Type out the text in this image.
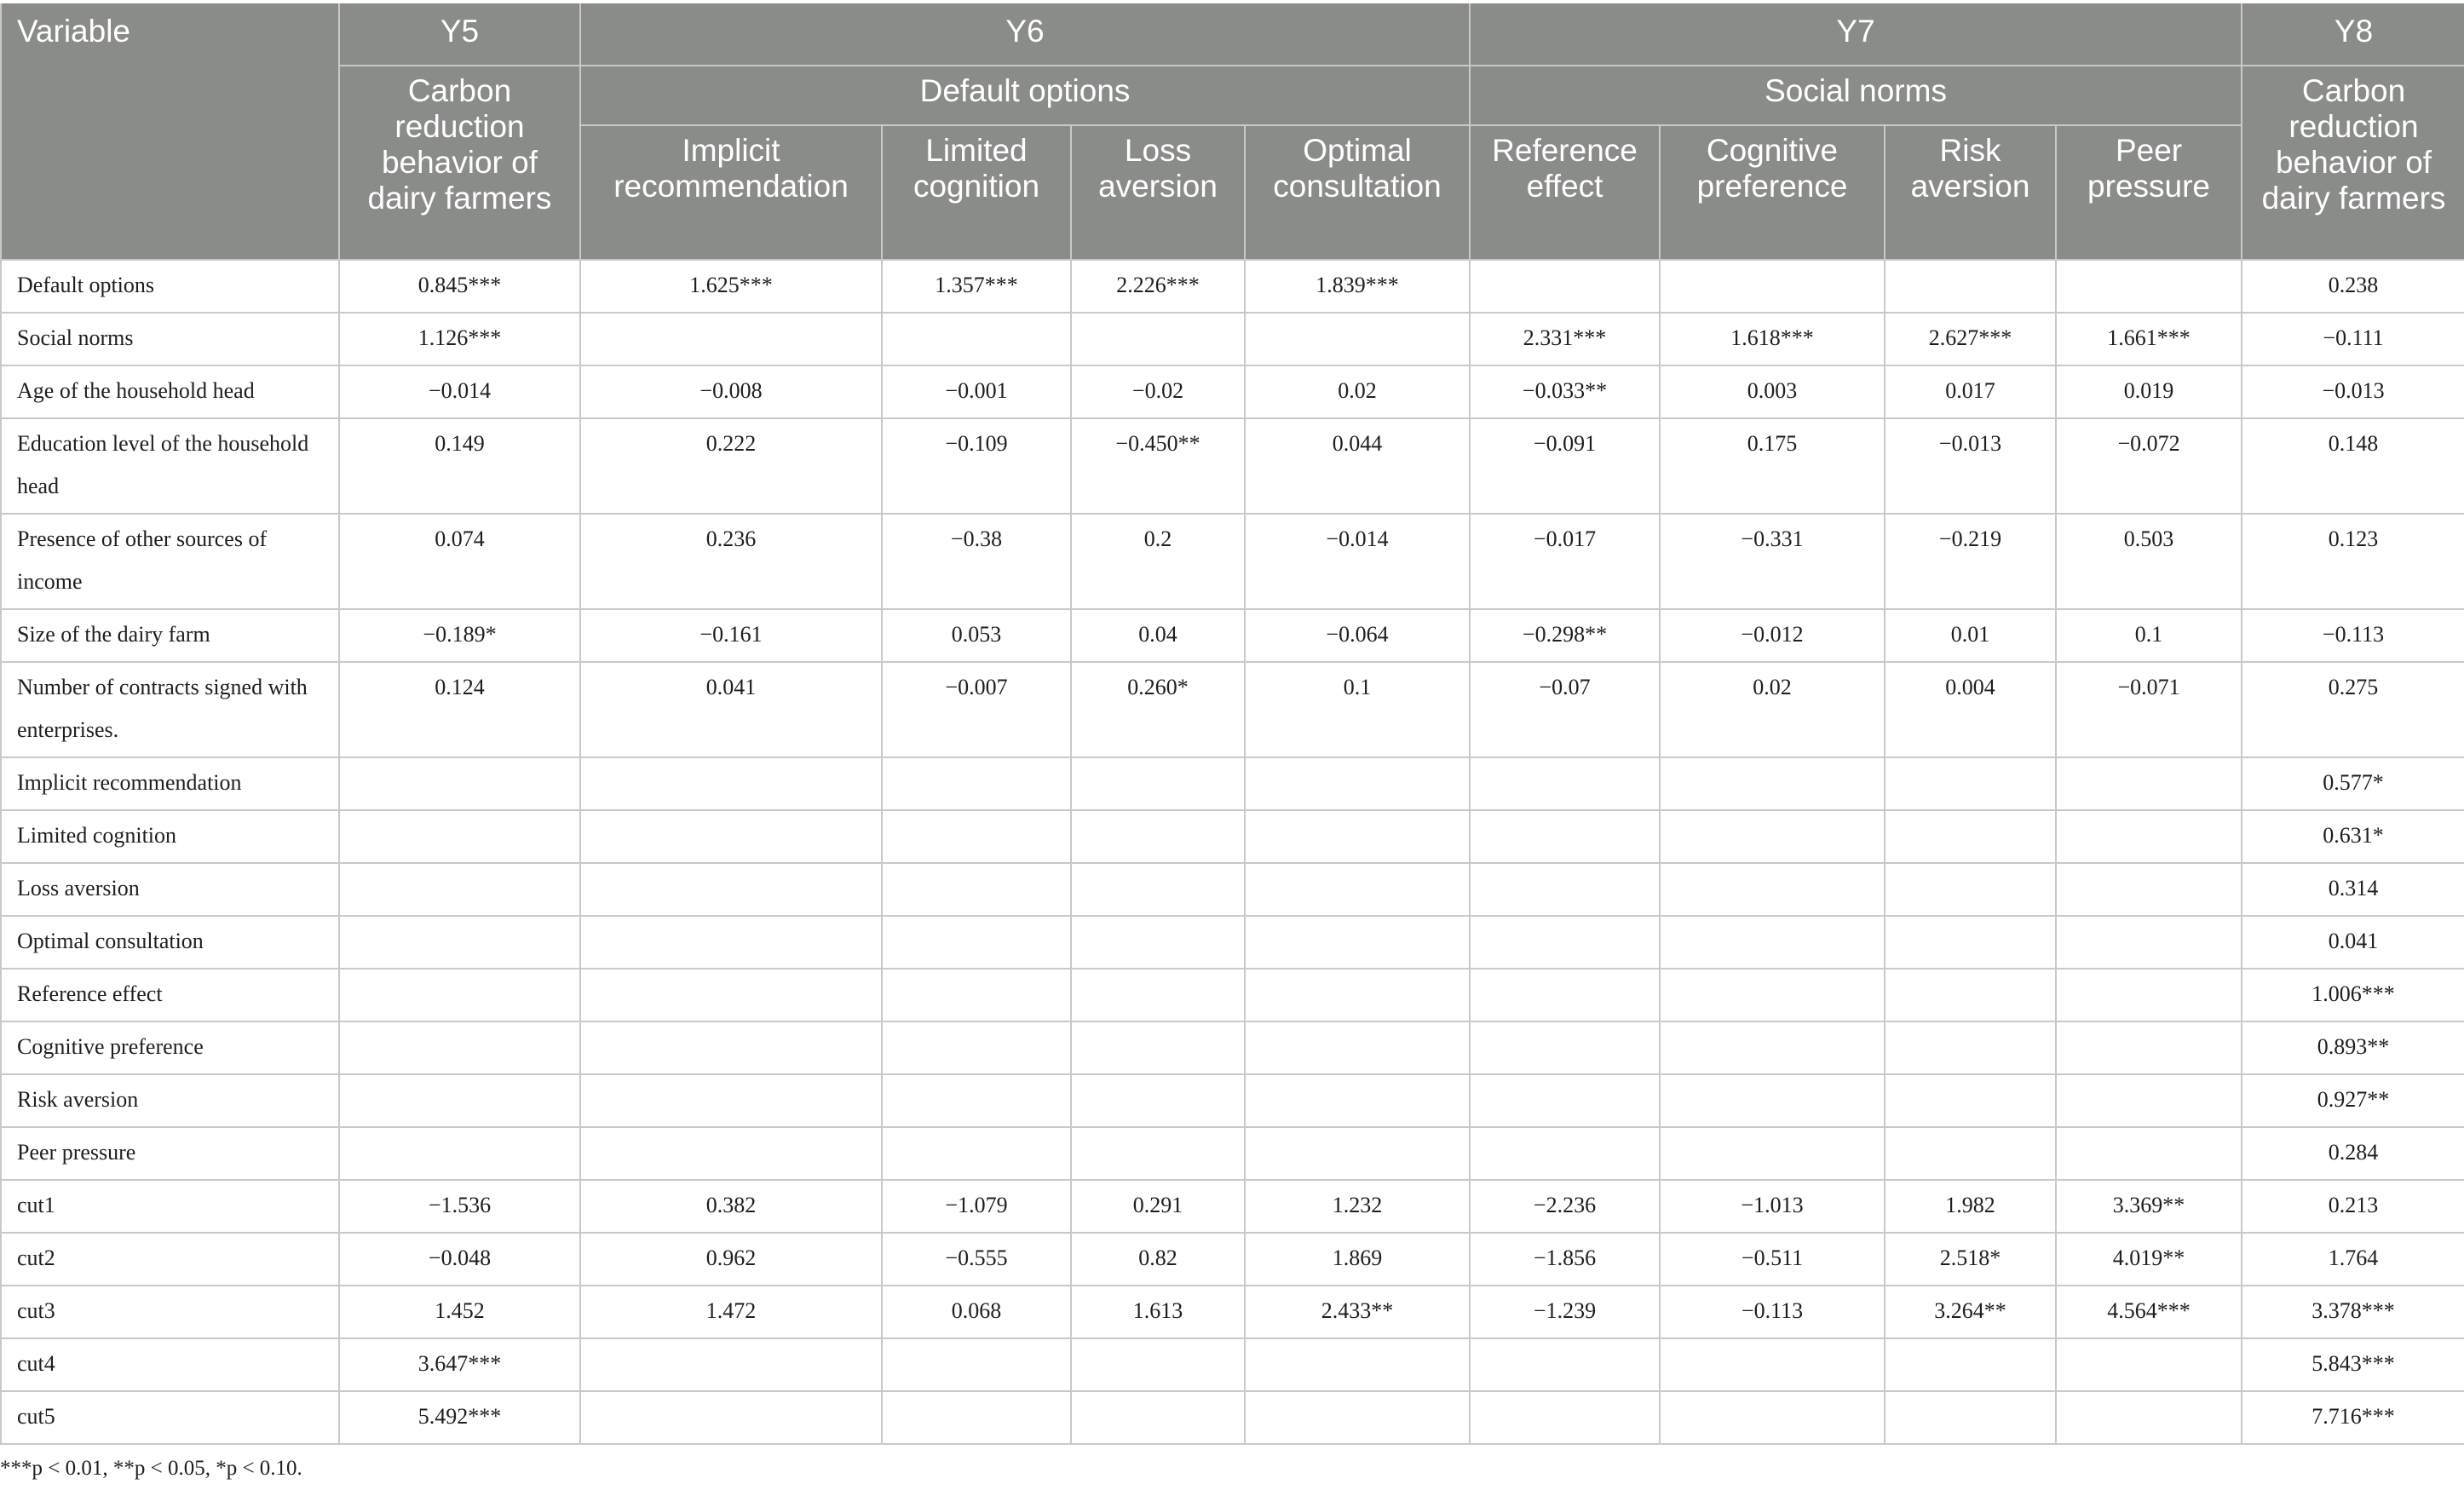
Variable	Y5	Y6				Y7				Y8
	Carbon reduction behavior of dairy farmers	Default options				Social norms				Carbon reduction behavior of dairy farmers
		Implicit recommendation	Limited cognition	Loss aversion	Optimal consultation	Reference effect	Cognitive preference	Risk aversion	Peer pressure	
Default options	0.845***	1.625***	1.357***	2.226***	1.839***					0.238
Social norms	1.126***					2.331***	1.618***	2.627***	1.661***	−0.111
Age of the household head	−0.014	−0.008	−0.001	−0.02	0.02	−0.033**	0.003	0.017	0.019	−0.013
Education level of the household head	0.149	0.222	−0.109	−0.450**	0.044	−0.091	0.175	−0.013	−0.072	0.148
Presence of other sources of income	0.074	0.236	−0.38	0.2	−0.014	−0.017	−0.331	−0.219	0.503	0.123
Size of the dairy farm	−0.189*	−0.161	0.053	0.04	−0.064	−0.298**	−0.012	0.01	0.1	−0.113
Number of contracts signed with enterprises.	0.124	0.041	−0.007	0.260*	0.1	−0.07	0.02	0.004	−0.071	0.275
Implicit recommendation										0.577*
Limited cognition										0.631*
Loss aversion										0.314
Optimal consultation										0.041
Reference effect										1.006***
Cognitive preference										0.893**
Risk aversion										0.927**
Peer pressure										0.284
cut1	−1.536	0.382	−1.079	0.291	1.232	−2.236	−1.013	1.982	3.369**	0.213
cut2	−0.048	0.962	−0.555	0.82	1.869	−1.856	−0.511	2.518*	4.019**	1.764
cut3	1.452	1.472	0.068	1.613	2.433**	−1.239	−0.113	3.264**	4.564***	3.378***
cut4	3.647***									5.843***
cut5	5.492***									7.716***
***p < 0.01, **p < 0.05, *p < 0.10.
